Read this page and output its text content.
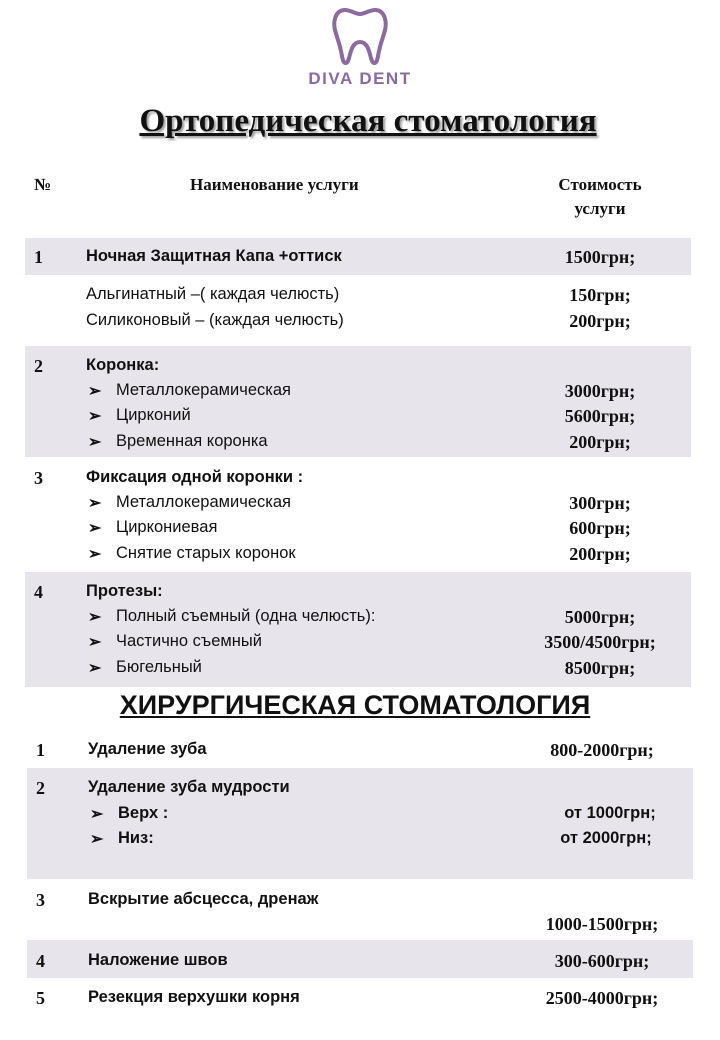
DIVA DENT
Ортопедическая стоматология
№	Наименование услуги	Стоимость
услуги
1	Ночная Защитная Капа +оттиск	1500грн;
Альгинатный –( каждая челюсть)	150грн;
Силиконовый – (каждая челюсть)	200грн;
2	Коронка:
➢ Металлокерамическая	3000грн;
➢ Цирконий	5600грн;
➢ Временная коронка	200грн;
3	Фиксация одной коронки :
➢ Металлокерамическая	300грн;
➢ Циркониевая	600грн;
➢ Снятие старых коронок	200грн;
4	Протезы:
➢ Полный съемный (одна челюсть):	5000грн;
➢ Частично съемный	3500/4500грн;
➢ Бюгельный	8500грн;
ХИРУРГИЧЕСКАЯ СТОМАТОЛОГИЯ
1	Удаление зуба	800-2000грн;
2	Удаление зуба мудрости
➢ Верх :	от 1000грн;
➢ Низ:	от 2000грн;
3	Вскрытие абсцесса, дренаж
1000-1500грн;
4	Наложение швов	300-600грн;
5	Резекция верхушки корня	2500-4000грн;
